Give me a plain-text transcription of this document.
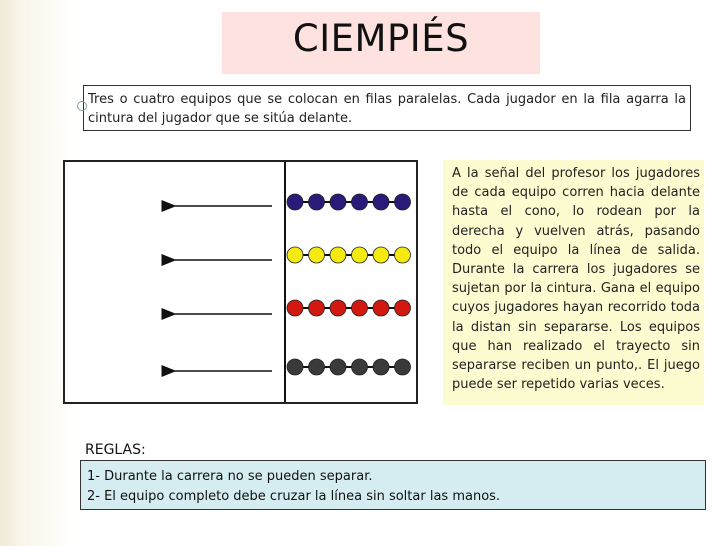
CIEMPIÉS
Tres o cuatro equipos que se colocan en filas paralelas. Cada jugador en la fila agarra la cintura del jugador que se sitúa delante.
A la señal del profesor los jugadores de cada equipo corren hacia delante hasta el cono, lo rodean por la derecha y vuelven atrás, pasando todo el equipo la línea de salida. Durante la carrera los jugadores se sujetan por la cintura. Gana el equipo cuyos jugadores hayan recorrido toda la distan sin separarse. Los equipos que han realizado el trayecto sin separarse reciben un punto,. El juego puede ser repetido varias veces.
REGLAS:
1- Durante la carrera no se pueden separar.
2- El equipo completo debe cruzar la línea sin soltar las manos.
